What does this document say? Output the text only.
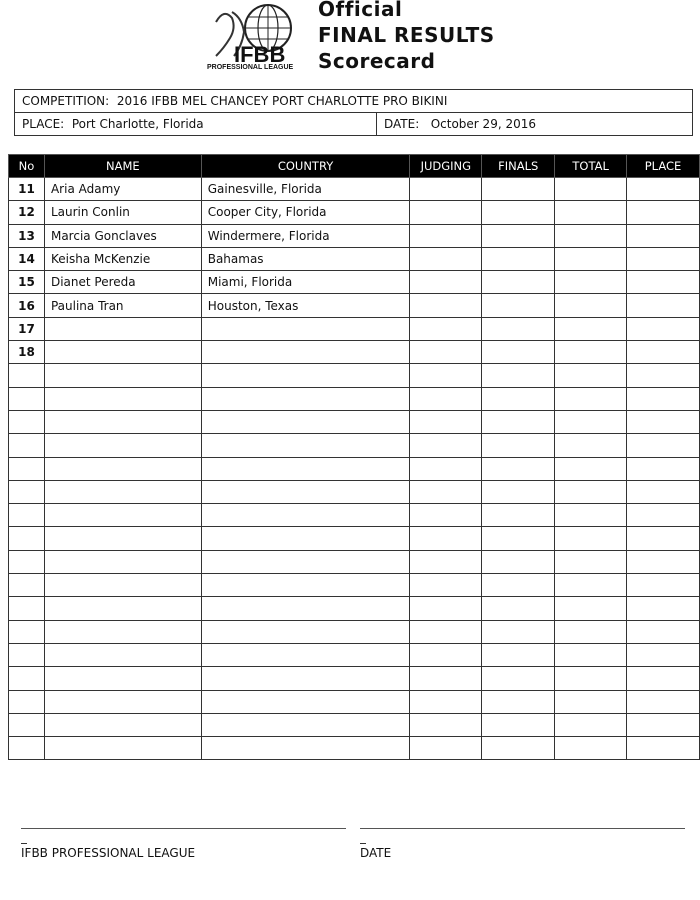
IFBB
PROFESSIONAL LEAGUE
Official
FINAL RESULTS
Scorecard
COMPETITION: 2016 IFBB MEL CHANCEY PORT CHARLOTTE PRO BIKINI
PLACE: Port Charlotte, Florida	DATE: October 29, 2016
No	NAME	COUNTRY	JUDGING	FINALS	TOTAL	PLACE
11	Aria Adamy	Gainesville, Florida				
12	Laurin Conlin	Cooper City, Florida				
13	Marcia Gonclaves	Windermere, Florida				
14	Keisha McKenzie	Bahamas				
15	Dianet Pereda	Miami, Florida				
16	Paulina Tran	Houston, Texas				
17						
18						

IFBB PROFESSIONAL LEAGUE	DATE
